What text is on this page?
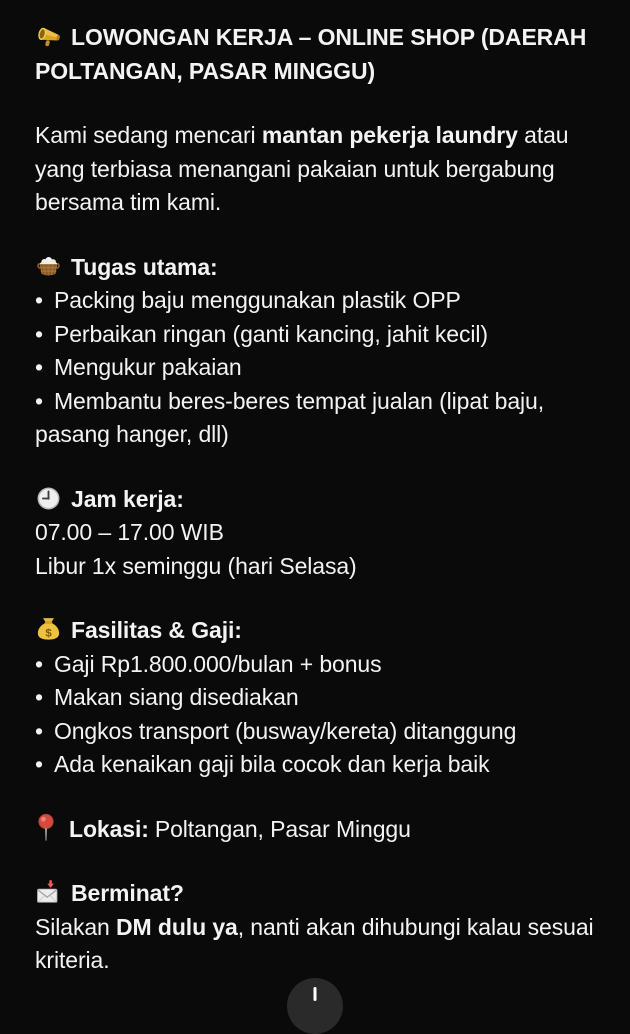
LOWONGAN KERJA – ONLINE SHOP (DAERAH POLTANGAN, PASAR MINGGU)

Kami sedang mencari mantan pekerja laundry atau yang terbiasa menangani pakaian untuk bergabung bersama tim kami.

Tugas utama:
• Packing baju menggunakan plastik OPP
• Perbaikan ringan (ganti kancing, jahit kecil)
• Mengukur pakaian
• Membantu beres-beres tempat jualan (lipat baju, pasang hanger, dll)
Jam kerja:
07.00 – 17.00 WIB
Libur 1x seminggu (hari Selasa)
$ Fasilitas & Gaji:
• Gaji Rp1.800.000/bulan + bonus
• Makan siang disediakan
• Ongkos transport (busway/kereta) ditanggung
• Ada kenaikan gaji bila cocok dan kerja baik
Lokasi: Poltangan, Pasar Minggu
Berminat?

Silakan DM dulu ya, nanti akan dihubungi kalau sesuai kriteria.
